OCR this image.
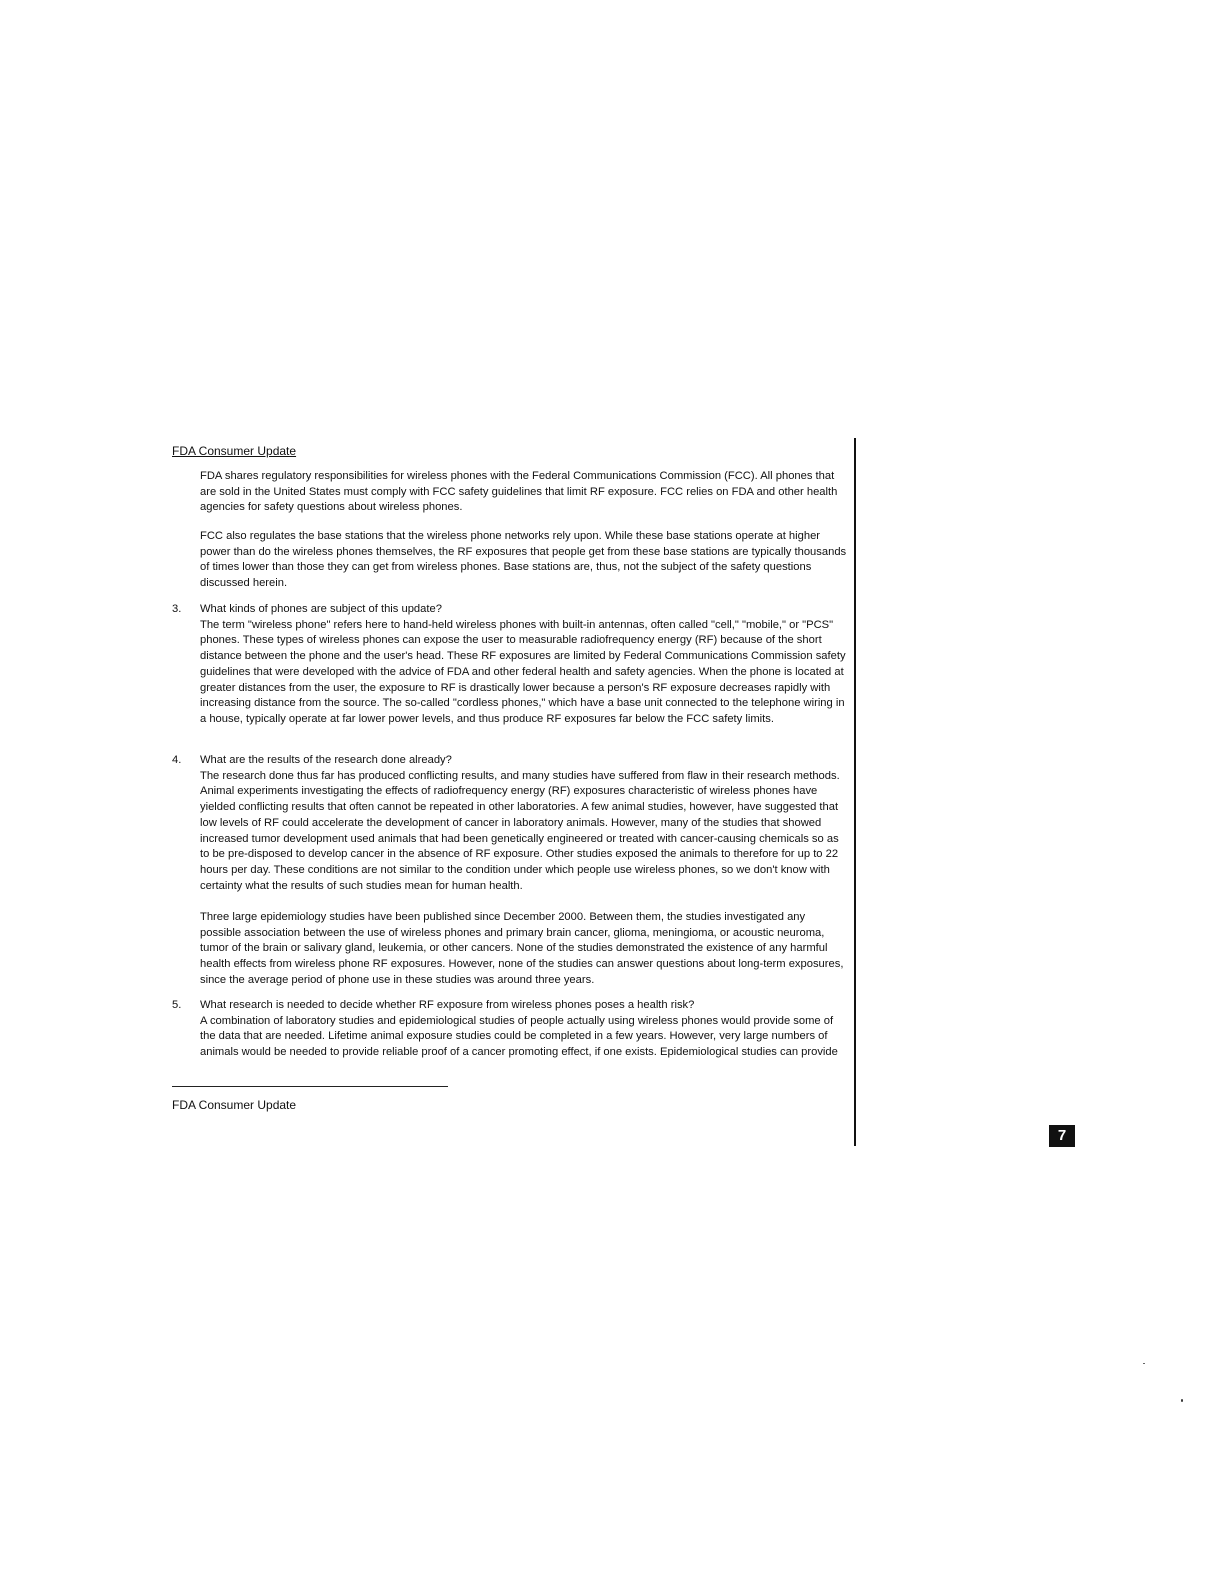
FDA Consumer Update

FDA shares regulatory responsibilities for wireless phones with the Federal Communications Commission (FCC). All phones that are sold in the United States must comply with FCC safety guidelines that limit RF exposure. FCC relies on FDA and other health agencies for safety questions about wireless phones.

FCC also regulates the base stations that the wireless phone networks rely upon. While these base stations operate at higher power than do the wireless phones themselves, the RF exposures that people get from these base stations are typically thousands of times lower than those they can get from wireless phones. Base stations are, thus, not the subject of the safety questions discussed herein.

3.	What kinds of phones are subject of this update?

The term "wireless phone" refers here to hand-held wireless phones with built-in antennas, often called "cell," "mobile," or "PCS" phones. These types of wireless phones can expose the user to measurable radiofrequency energy (RF) because of the short distance between the phone and the user's head. These RF exposures are limited by Federal Communications Commission safety guidelines that were developed with the advice of FDA and other federal health and safety agencies. When the phone is located at greater distances from the user, the exposure to RF is drastically lower because a person's RF exposure decreases rapidly with increasing distance from the source. The so-called "cordless phones," which have a base unit connected to the telephone wiring in a house, typically operate at far lower power levels, and thus produce RF exposures far below the FCC safety limits.

4.	What are the results of the research done already?

The research done thus far has produced conflicting results, and many studies have suffered from flaw in their research methods. Animal experiments investigating the effects of radiofrequency energy (RF) exposures characteristic of wireless phones have yielded conflicting results that often cannot be repeated in other laboratories. A few animal studies, however, have suggested that low levels of RF could accelerate the development of cancer in laboratory animals. However, many of the studies that showed increased tumor development used animals that had been genetically engineered or treated with cancer-causing chemicals so as to be pre-disposed to develop cancer in the absence of RF exposure. Other studies exposed the animals to therefore for up to 22 hours per day. These conditions are not similar to the condition under which people use wireless phones, so we don't know with certainty what the results of such studies mean for human health.

Three large epidemiology studies have been published since December 2000. Between them, the studies investigated any possible association between the use of wireless phones and primary brain cancer, glioma, meningioma, or acoustic neuroma, tumor of the brain or salivary gland, leukemia, or other cancers. None of the studies demonstrated the existence of any harmful health effects from wireless phone RF exposures. However, none of the studies can answer questions about long-term exposures, since the average period of phone use in these studies was around three years.

5.	What research is needed to decide whether RF exposure from wireless phones poses a health risk?

A combination of laboratory studies and epidemiological studies of people actually using wireless phones would provide some of the data that are needed. Lifetime animal exposure studies could be completed in a few years. However, very large numbers of animals would be needed to provide reliable proof of a cancer promoting effect, if one exists. Epidemiological studies can provide

FDA Consumer Update
7
